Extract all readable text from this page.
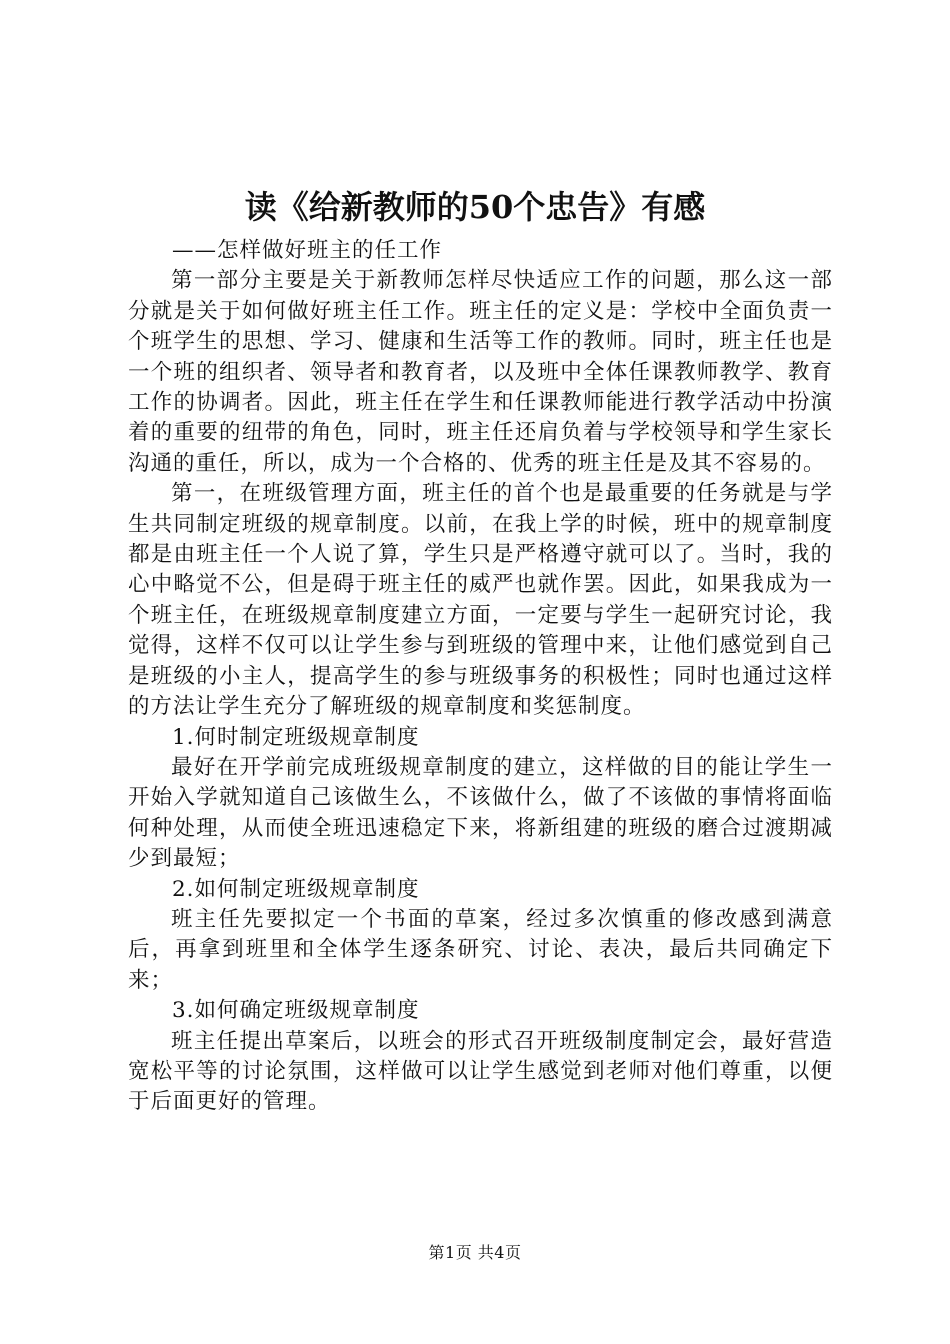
读《给新教师的50个忠告》有感

——怎样做好班主的任工作

第一部分主要是关于新教师怎样尽快适应工作的问题，那么这一部分就是关于如何做好班主任工作。班主任的定义是：学校中全面负责一个班学生的思想、学习、健康和生活等工作的教师。同时，班主任也是一个班的组织者、领导者和教育者，以及班中全体任课教师教学、教育工作的协调者。因此，班主任在学生和任课教师能进行教学活动中扮演着的重要的纽带的角色，同时，班主任还肩负着与学校领导和学生家长沟通的重任，所以，成为一个合格的、优秀的班主任是及其不容易的。

第一，在班级管理方面，班主任的首个也是最重要的任务就是与学生共同制定班级的规章制度。以前，在我上学的时候，班中的规章制度都是由班主任一个人说了算，学生只是严格遵守就可以了。当时，我的心中略觉不公，但是碍于班主任的威严也就作罢。因此，如果我成为一个班主任，在班级规章制度建立方面，一定要与学生一起研究讨论，我觉得，这样不仅可以让学生参与到班级的管理中来，让他们感觉到自己是班级的小主人，提高学生的参与班级事务的积极性；同时也通过这样的方法让学生充分了解班级的规章制度和奖惩制度。

1.何时制定班级规章制度

最好在开学前完成班级规章制度的建立，这样做的目的能让学生一开始入学就知道自己该做生么，不该做什么，做了不该做的事情将面临何种处理，从而使全班迅速稳定下来，将新组建的班级的磨合过渡期减少到最短；

2.如何制定班级规章制度

班主任先要拟定一个书面的草案，经过多次慎重的修改感到满意后，再拿到班里和全体学生逐条研究、讨论、表决，最后共同确定下来；

3.如何确定班级规章制度

班主任提出草案后，以班会的形式召开班级制度制定会，最好营造宽松平等的讨论氛围，这样做可以让学生感觉到老师对他们尊重，以便于后面更好的管理。

第1页 共4页
